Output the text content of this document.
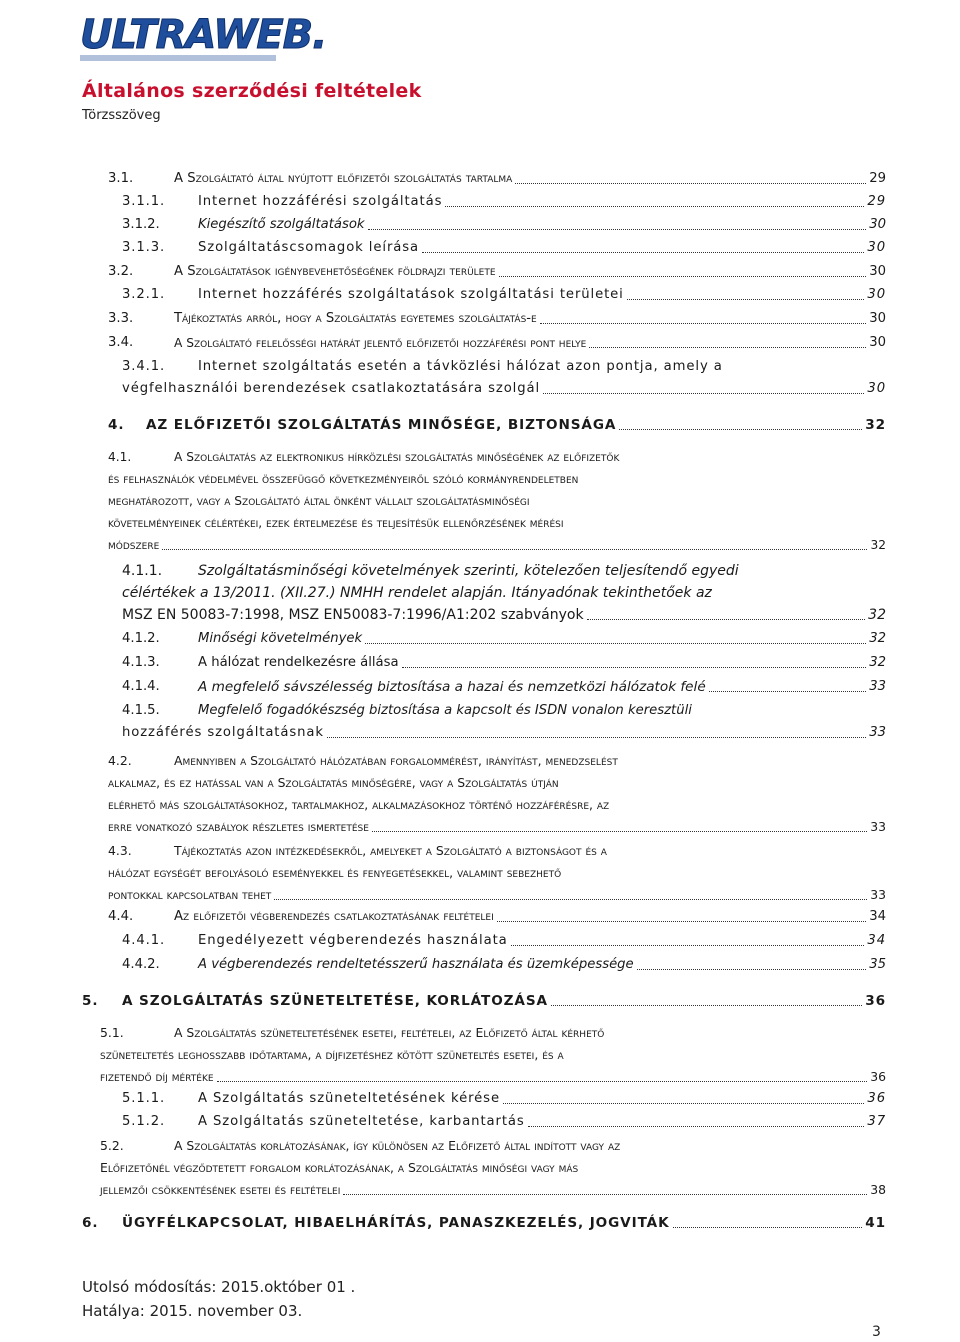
ULTRAWEB.
Általános szerződési feltételek
Törzsszöveg
3.1.	A Szolgáltató által nyújtott előfizetői szolgáltatás tartalma	29
3.1.1.	Internet hozzáférési szolgáltatás	29
3.1.2.	Kiegészítő szolgáltatások	30
3.1.3.	Szolgáltatáscsomagok leírása	30
3.2.	A Szolgáltatások igénybevehetőségének földrajzi területe	30
3.2.1.	Internet hozzáférés szolgáltatások szolgáltatási területei	30
3.3.	Tájékoztatás arról, hogy a Szolgáltatás egyetemes szolgáltatás-e	30
3.4.	A Szolgáltató felelősségi határát jelentő előfizetői hozzáférési pont helye	30
3.4.1.	Internet szolgáltatás esetén a távközlési hálózat azon pontja, amely a
végfelhasználói berendezések csatlakoztatására szolgál	30
4.	AZ ELŐFIZETŐI SZOLGÁLTATÁS MINŐSÉGE, BIZTONSÁGA	32
4.1.	A Szolgáltatás az elektronikus hírközlési szolgáltatás minőségének az előfizetők
és felhasználók védelmével összefüggő következményeiről szóló kormányrendeletben
meghatározott, vagy a Szolgáltató által önként vállalt szolgáltatásminőségi
követelményeinek célértékei, ezek értelmezése és teljesítésük ellenőrzésének mérési
módszere	32
4.1.1.	Szolgáltatásminőségi követelmények szerinti, kötelezően teljesítendő egyedi
célértékek a 13/2011. (XII.27.) NMHH rendelet alapján. Itányadónak tekinthetőek az
MSZ EN 50083-7:1998, MSZ EN50083-7:1996/A1:202 szabványok	32
4.1.2.	Minőségi követelmények	32
4.1.3.	A hálózat rendelkezésre állása	32
4.1.4.	A megfelelő sávszélesség biztosítása a hazai és nemzetközi hálózatok felé	33
4.1.5.	Megfelelő fogadókészség biztosítása a kapcsolt és ISDN vonalon keresztüli
hozzáférés szolgáltatásnak	33
4.2.	Amennyiben a Szolgáltató hálózatában forgalommérést, irányítást, menedzselést
alkalmaz, és ez hatással van a Szolgáltatás minőségére, vagy a Szolgáltatás útján
elérhető más szolgáltatásokhoz, tartalmakhoz, alkalmazásokhoz történő hozzáférésre, az
erre vonatkozó szabályok részletes ismertetése	33
4.3.	Tájékoztatás azon intézkedésekről, amelyeket a Szolgáltató a biztonságot és a
hálózat egységét befolyásoló eseményekkel és fenyegetésekkel, valamint sebezhető
pontokkal kapcsolatban tehet	33
4.4.	Az előfizetői végberendezés csatlakoztatásának feltételei	34
4.4.1.	Engedélyezett végberendezés használata	34
4.4.2.	A végberendezés rendeltetésszerű használata és üzemképessége	35
5.	A SZOLGÁLTATÁS SZÜNETELTETÉSE, KORLÁTOZÁSA	36
5.1.	A Szolgáltatás szüneteltetésének esetei, feltételei, az Előfizető által kérhető
szüneteltetés leghosszabb időtartama, a díjfizetéshez kötött szüneteltés esetei, és a
fizetendő díj mértéke	36
5.1.1.	A Szolgáltatás szüneteltetésének kérése	36
5.1.2.	A Szolgáltatás szüneteltetése, karbantartás	37
5.2.	A Szolgáltatás korlátozásának, így különösen az Előfizető által indított vagy az
Előfizetőnél végződtetett forgalom korlátozásának, a Szolgáltatás minőségi vagy más
jellemzői csökkentésének esetei és feltételei	38
6.	ÜGYFÉLKAPCSOLAT, HIBAELHÁRÍTÁS, PANASZKEZELÉS, JOGVITÁK	41
Utolsó módosítás: 2015.október 01 .
Hatálya: 2015. november 03.
3
